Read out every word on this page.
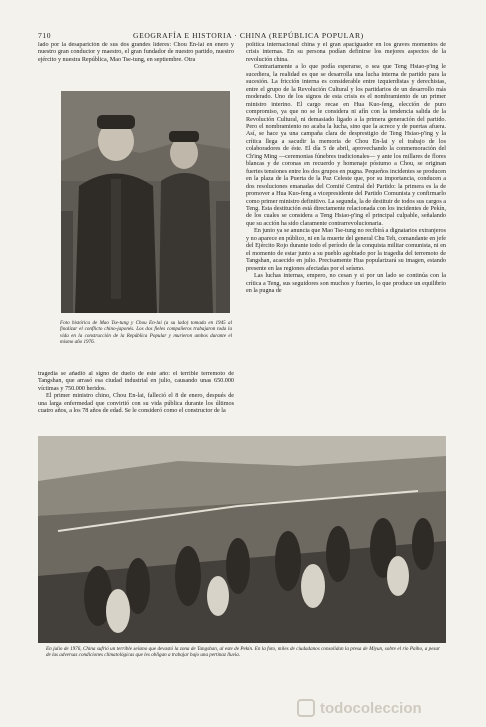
710	GEOGRAFÍA E HISTORIA · CHINA (REPÚBLICA POPULAR)

lado por la desaparición de sus dos grandes líderes: Chou En-lai en enero y nuestro gran conductor y maestro, el gran fundador de nuestro partido, nuestro ejército y nuestra República, Mao Tse-tung, en septiembre. Otra

Foto histórica de Mao Tse-tung y Chou En-lai (a su lado) tomada en 1945 al finalizar el conflicto chino-japonés. Los dos fieles compañeros trabajaron toda la vida en la construcción de la República Popular y murieron ambos durante el mismo año 1976.

tragedia se añadió al signo de duelo de este año: el terrible terremoto de Tangshan, que arrasó esa ciudad industrial en julio, causando unas 650.000 víctimas y 750.000 heridos.

El primer ministro chino, Chou En-lai, falleció el 8 de enero, después de una larga enfermedad que convirtió con su vida pública durante los últimos cuatro años, a los 78 años de edad. Se le consideró como el constructor de la

política internacional china y el gran apaciguador en los graves momentos de crisis internas. En su persona podían definirse los mejores aspectos de la revolución china.

Contrariamente a lo que podía esperarse, o sea que Teng Hsiao-p'ing le sucediera, la realidad es que se desarrolla una lucha interna de partido para la sucesión. La fricción interna es considerable entre izquierdistas y derechistas, entre el grupo de la Revolución Cultural y los partidarios de un desarrollo más moderado. Uno de los signos de esta crisis es el nombramiento de un primer ministro interino. El cargo recae en Hua Kuo-feng, elección de puro compromiso, ya que no se le considera ni afín con la tendencia salida de la Revolución Cultural, ni demasiado ligado a la primera generación del partido. Pero el nombramiento no acaba la lucha, sino que la acrece y de puertas afuera. Así, se hace ya una campaña clara de desprestigio de Teng Hsiao-p'ing y la crítica llega a sacudir la memoria de Chou En-lai y el trabajo de los colaboradores de éste. El día 5 de abril, aprovechando la conmemoración del Ch'ing Ming —ceremonias fúnebres tradicionales— y ante los millares de flores blancas y de coronas en recuerdo y homenaje póstumo a Chou, se originan fuertes tensiones entre los dos grupos en pugna. Pequeños incidentes se producen en la plaza de la Puerta de la Paz Celeste que, por su importancia, conducen a dos resoluciones emanadas del Comité Central del Partido: la primera es la de promover a Hua Kuo-feng a vicepresidente del Partido Comunista y confirmarlo como primer ministro definitivo. La segunda, la de destituir de todos sus cargos a Teng. Esta destitución está directamente relacionada con los incidentes de Pekín, de los cuales se considera a Teng Hsiao-p'ing el principal culpable, señalando que su acción ha sido claramente contrarrevolucionaria.

En junio ya se anuncia que Mao Tse-tung no recibirá a dignatarios extranjeros y no aparece en público, ni en la muerte del general Chu Teh, comandante en jefe del Ejército Rojo durante todo el período de la conquista militar comunista, ni en el momento de estar junto a su pueblo agobiado por la tragedia del terremoto de Tangshan, acaecido en julio. Precisamente Hua popularizará su imagen, estando presente en las regiones afectadas por el seísmo.

Las luchas internas, empero, no cesan y si por un lado se continúa con la crítica a Teng, sus seguidores son muchos y fuertes, lo que produce un equilibrio en la pugna de

En julio de 1976, China sufrió un terrible seísmo que devastó la zona de Tangshan, al este de Pekín. En la foto, miles de ciudadanos consolidan la presa de Miyun, sobre el río Paiho, a pesar de las adversas condiciones climatológicas que les obligan a trabajar bajo una pertinaz lluvia.
todocoleccion
